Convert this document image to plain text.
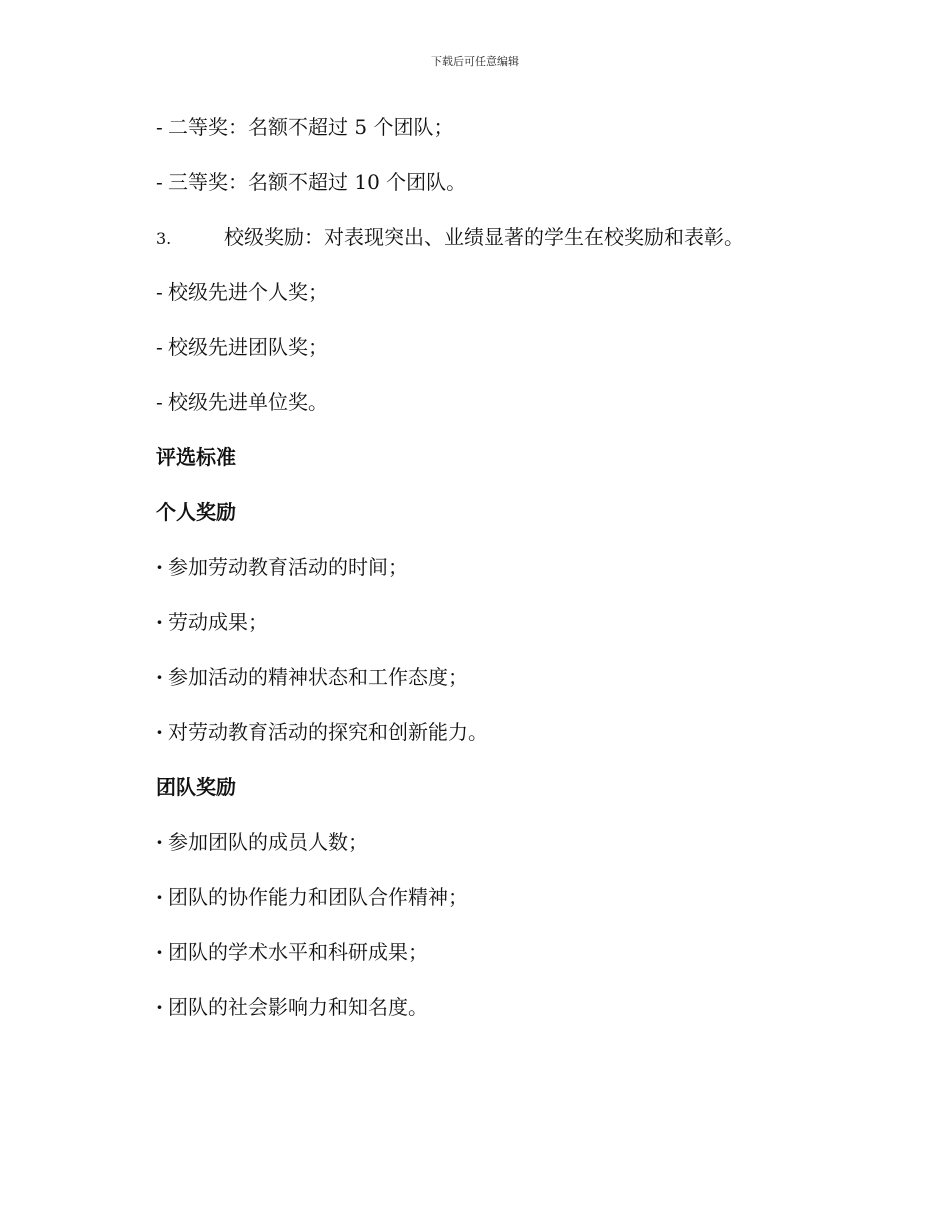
下载后可任意编辑
- 二等奖：名额不超过 5 个团队；
- 三等奖：名额不超过 10 个团队。
3.	校级奖励：对表现突出、业绩显著的学生在校奖励和表彰。
- 校级先进个人奖；
- 校级先进团队奖；
- 校级先进单位奖。
评选标准
个人奖励
· 参加劳动教育活动的时间；
· 劳动成果；
· 参加活动的精神状态和工作态度；
· 对劳动教育活动的探究和创新能力。
团队奖励
· 参加团队的成员人数；
· 团队的协作能力和团队合作精神；
· 团队的学术水平和科研成果；
· 团队的社会影响力和知名度。
